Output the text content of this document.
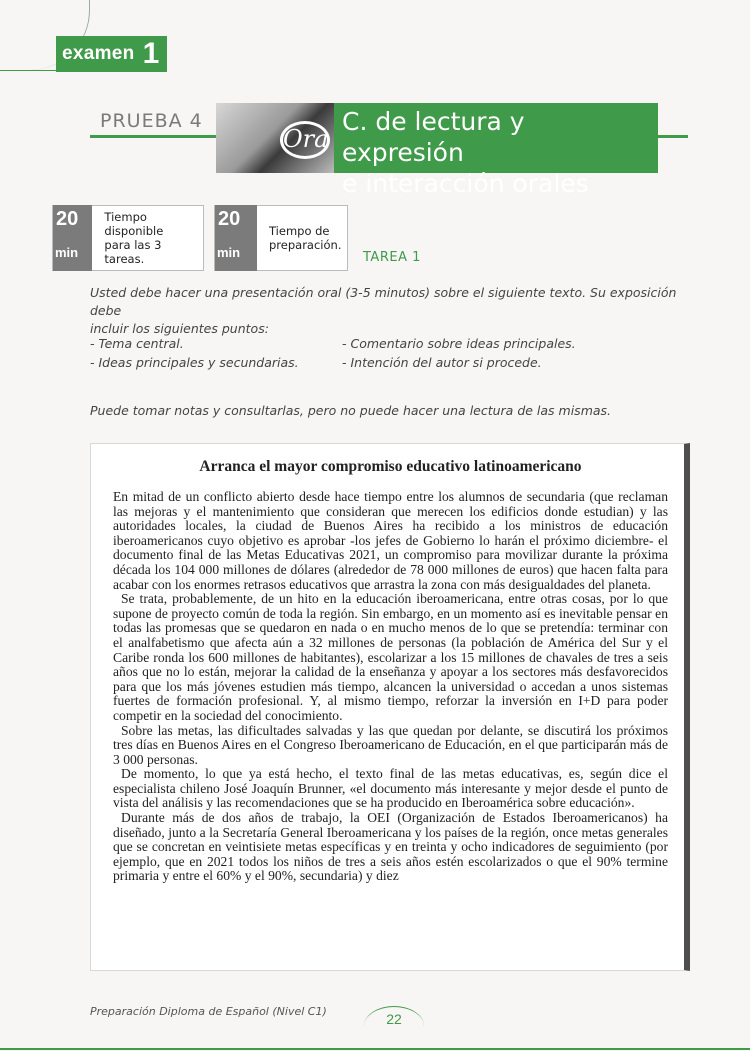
examen 1
PRUEBA 4
Ora
C. de lectura y expresión
e interacción orales
20
min
Tiempo disponible
para las 3 tareas.
20
min
Tiempo de
preparación.
TAREA 1
Usted debe hacer una presentación oral (3-5 minutos) sobre el siguiente texto. Su exposición debe
incluir los siguientes puntos:
- Tema central.
- Ideas principales y secundarias.
- Comentario sobre ideas principales.
- Intención del autor si procede.
Puede tomar notas y consultarlas, pero no puede hacer una lectura de las mismas.
Arranca el mayor compromiso educativo latinoamericano

En mitad de un conflicto abierto desde hace tiempo entre los alumnos de secundaria (que reclaman las mejoras y el mantenimiento que consideran que merecen los edificios donde estudian) y las autoridades locales, la ciudad de Buenos Aires ha recibido a los ministros de educación iberoamericanos cuyo objetivo es aprobar -los jefes de Gobierno lo harán el próximo diciembre- el documento final de las Metas Educativas 2021, un compromiso para movilizar durante la próxima década los 104 000 millones de dólares (alrededor de 78 000 millones de euros) que hacen falta para acabar con los enormes retrasos educativos que arrastra la zona con más desigualdades del planeta.

Se trata, probablemente, de un hito en la educación iberoamericana, entre otras cosas, por lo que supone de proyecto común de toda la región. Sin embargo, en un momento así es inevitable pensar en todas las promesas que se quedaron en nada o en mucho menos de lo que se pretendía: terminar con el analfabetismo que afecta aún a 32 millones de personas (la población de América del Sur y el Caribe ronda los 600 millones de habitantes), escolarizar a los 15 millones de chavales de tres a seis años que no lo están, mejorar la calidad de la enseñanza y apoyar a los sectores más desfavorecidos para que los más jóvenes estudien más tiempo, alcancen la universidad o accedan a unos sistemas fuertes de formación profesional. Y, al mismo tiempo, reforzar la inversión en I+D para poder competir en la sociedad del conocimiento.

Sobre las metas, las dificultades salvadas y las que quedan por delante, se discutirá los próximos tres días en Buenos Aires en el Congreso Iberoamericano de Educación, en el que participarán más de 3 000 personas.

De momento, lo que ya está hecho, el texto final de las metas educativas, es, según dice el especialista chileno José Joaquín Brunner, «el documento más interesante y mejor desde el punto de vista del análisis y las recomendaciones que se ha producido en Iberoamérica sobre educación».

Durante más de dos años de trabajo, la OEI (Organización de Estados Iberoamericanos) ha diseñado, junto a la Secretaría General Iberoamericana y los países de la región, once metas generales que se concretan en veintisiete metas específicas y en treinta y ocho indicadores de seguimiento (por ejemplo, que en 2021 todos los niños de tres a seis años estén escolarizados o que el 90% termine primaria y entre el 60% y el 90%, secundaria) y diez

Preparación Diploma de Español (Nivel C1)	22
